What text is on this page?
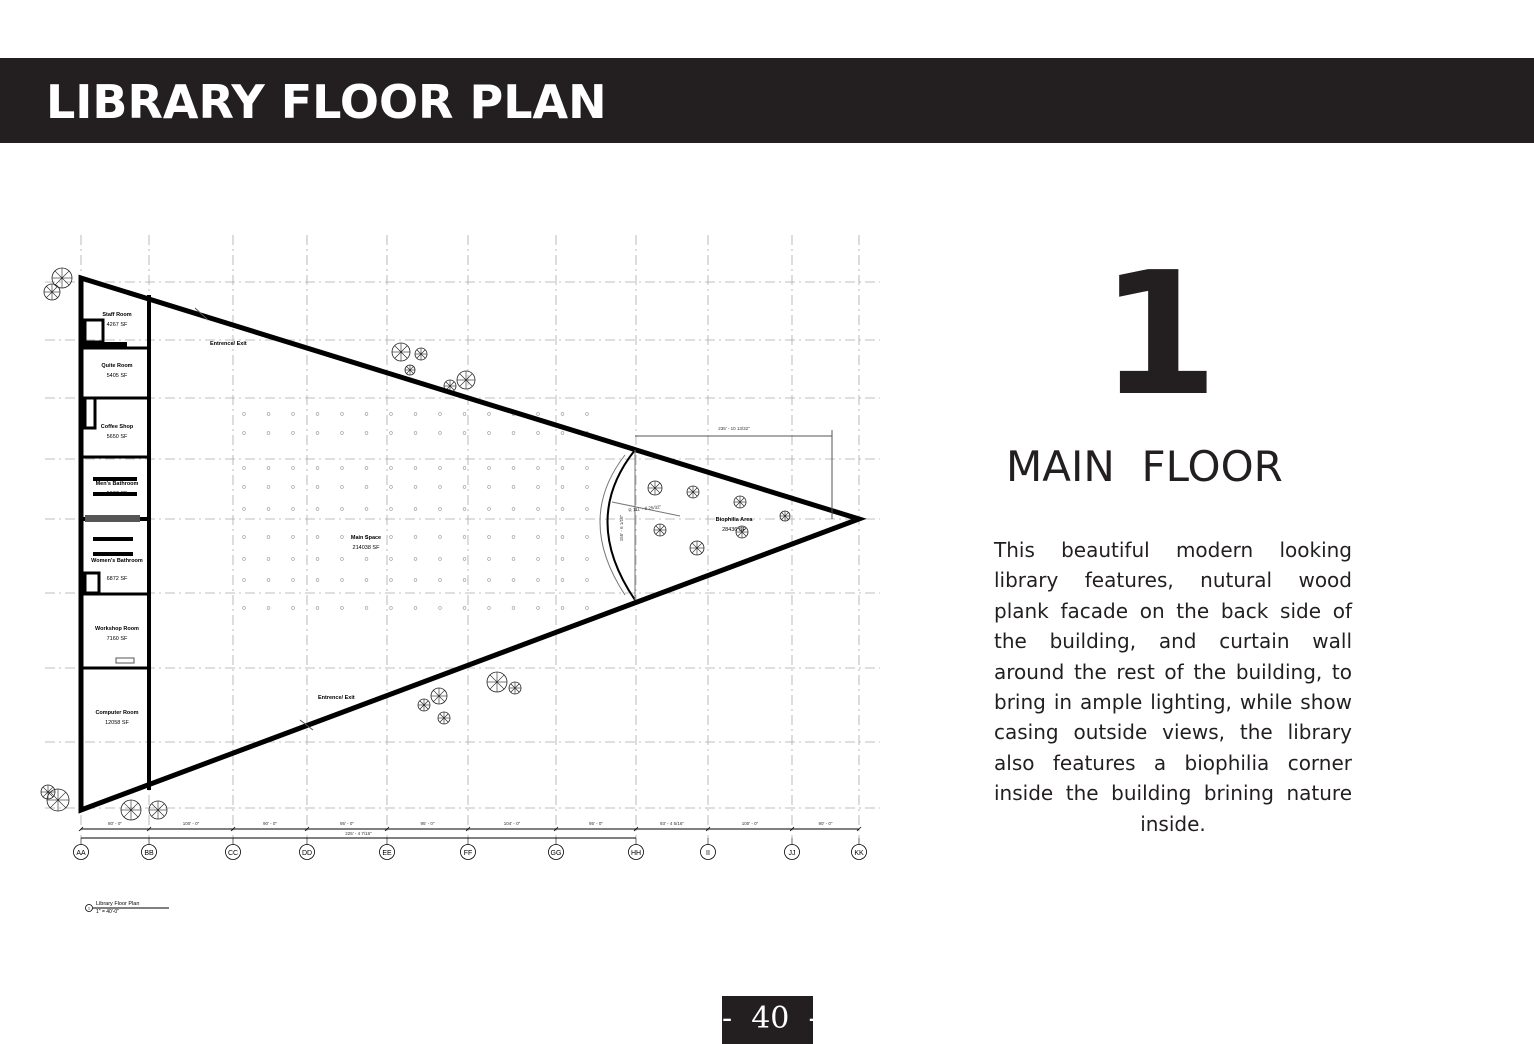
LIBRARY FLOOR PLAN
Staff Room
4267 SF
Quite Room
5405 SF
Coffee Shop
5650 SF
Men's Bathroom
5637 SF
Women's Bathroom
6872 SF
Workshop Room
7160 SF
Computer Room
12058 SF
Main Space
214038 SF
Biophilia Area
28436 SF
Entrence/ Exit
Entrence/ Exit
235' - 10 13/32"
R 111' - 8 25/32"
155' - 6 1/16"
AA	BB	CC	DD	EE	FF	GG	HH	II	JJ	KK
80' - 0"	100' - 0"	90' - 0"	95' - 0"	95' - 0"	104' - 0"	95' - 0"	93' - 4 5/16"	100' - 0"	90' - 0"
225' - 4 7/16"
1
Library Floor Plan
1" = 40'-0"
1
MAIN  FLOOR
This beautiful modern looking library features, nutural wood plank facade on the back side of the building, and curtain wall around the rest of the building, to bring in ample lighting, while show casing outside views, the library also features a biophilia corner inside the building brining nature inside.
-  40  -
